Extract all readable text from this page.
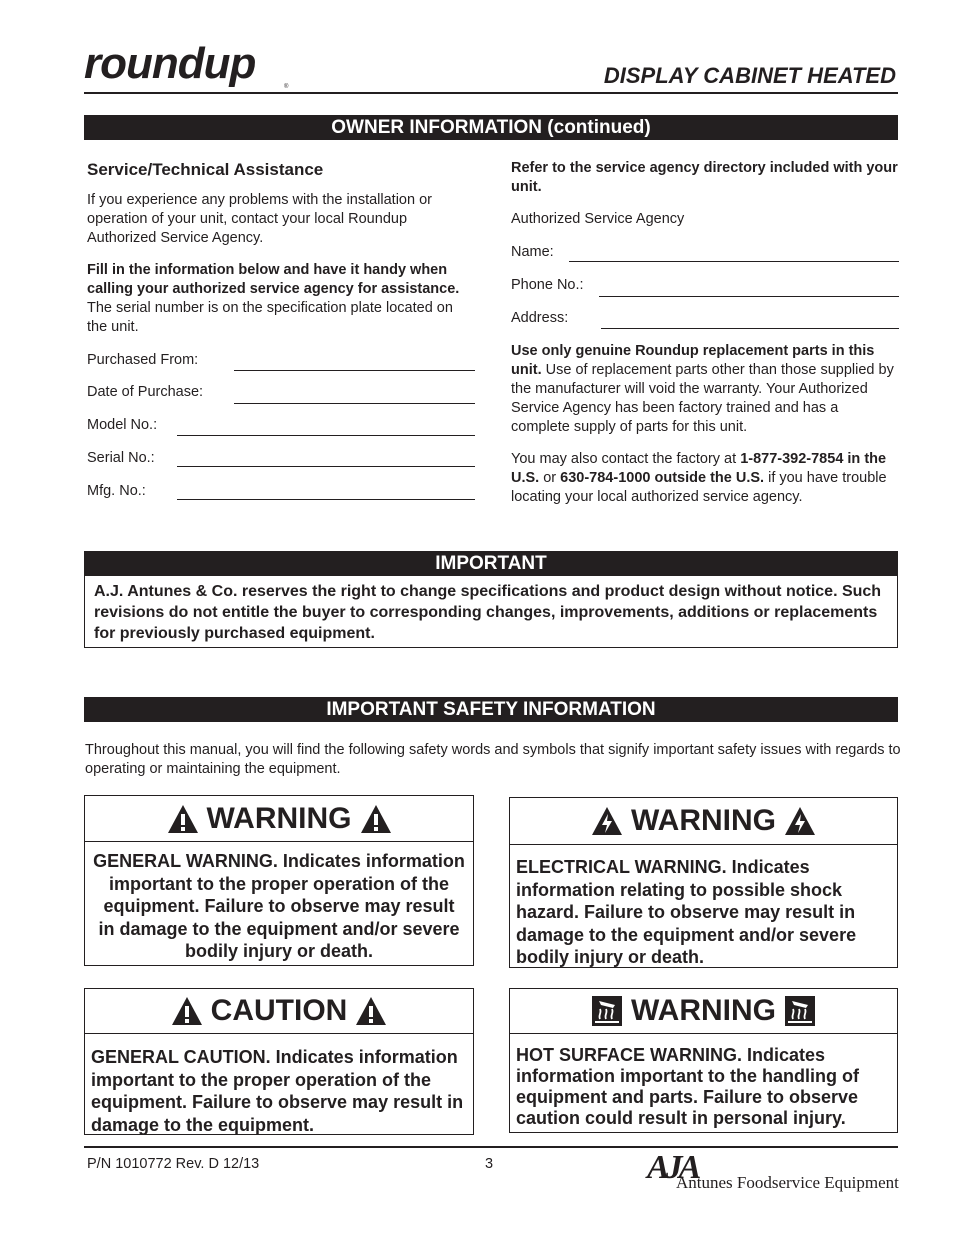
roundup	®	DISPLAY CABINET HEATED
OWNER INFORMATION (continued)
Service/Technical Assistance
If you experience any problems with the installation or operation of your unit, contact your local Roundup Authorized Service Agency.
Fill in the information below and have it handy when calling your authorized service agency for assistance. The serial number is on the specification plate located on the unit.
Purchased From:
Date of Purchase:
Model No.:
Serial No.:
Mfg. No.:
Refer to the service agency directory included with your unit.
Authorized Service Agency
Name:
Phone No.:
Address:
Use only genuine Roundup replacement parts in this unit. Use of replacement parts other than those supplied by the manufacturer will void the warranty. Your Authorized Service Agency has been factory trained and has a complete supply of parts for this unit.
You may also contact the factory at 1-877-392-7854 in the U.S. or 630-784-1000 outside the U.S. if you have trouble locating your local authorized service agency.
IMPORTANT
A.J. Antunes & Co. reserves the right to change specifications and product design without notice. Such revisions do not entitle the buyer to corresponding changes, improvements, additions or replacements for previously purchased equipment.
IMPORTANT SAFETY INFORMATION
Throughout this manual, you will find the following safety words and symbols that signify important safety issues with regards to operating or maintaining the equipment.
WARNING
GENERAL WARNING. Indicates information important to the proper operation of the equipment. Failure to observe may result in damage to the equipment and/or severe bodily injury or death.
WARNING
ELECTRICAL WARNING. Indicates information relating to possible shock hazard. Failure to observe may result in damage to the equipment and/or severe bodily injury or death.
CAUTION
GENERAL CAUTION. Indicates information important to the proper operation of the equipment. Failure to observe may result in damage to the equipment.
WARNING
HOT SURFACE WARNING. Indicates information important to the handling of equipment and parts. Failure to observe caution could result in personal injury.
P/N 1010772 Rev. D 12/13	3	AJA
Antunes Foodservice Equipment
